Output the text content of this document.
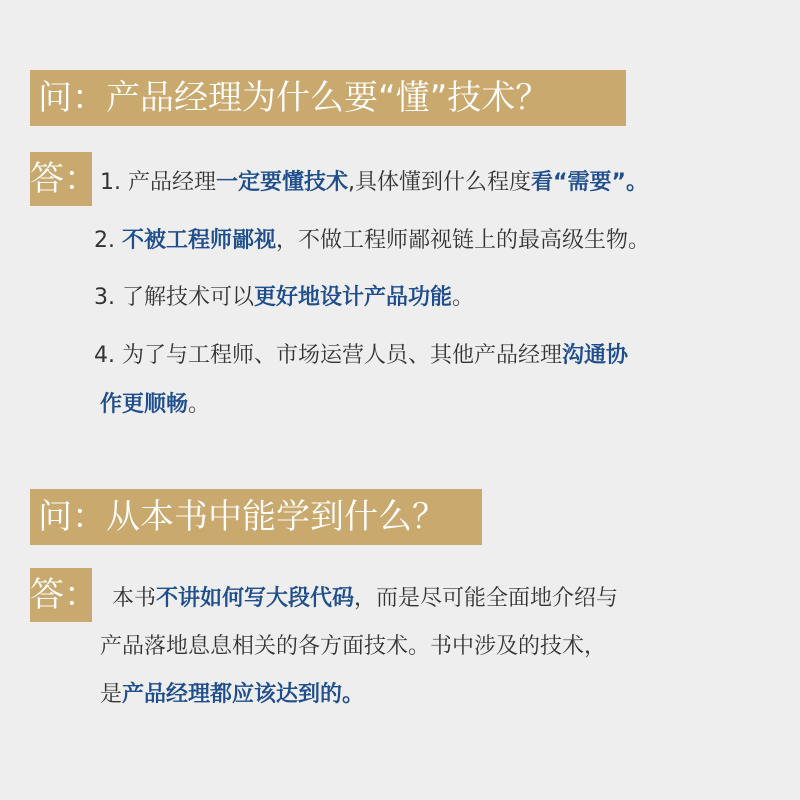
问：产品经理为什么要“懂”技术？
答： 1. 产品经理一定要懂技术,具体懂到什么程度看“需要”。
2. 不被工程师鄙视，不做工程师鄙视链上的最高级生物。
3. 了解技术可以更好地设计产品功能。
4. 为了与工程师、市场运营人员、其他产品经理沟通协
作更顺畅。
问：从本书中能学到什么？
答： 本书不讲如何写大段代码，而是尽可能全面地介绍与
产品落地息息相关的各方面技术。书中涉及的技术，
是产品经理都应该达到的。
